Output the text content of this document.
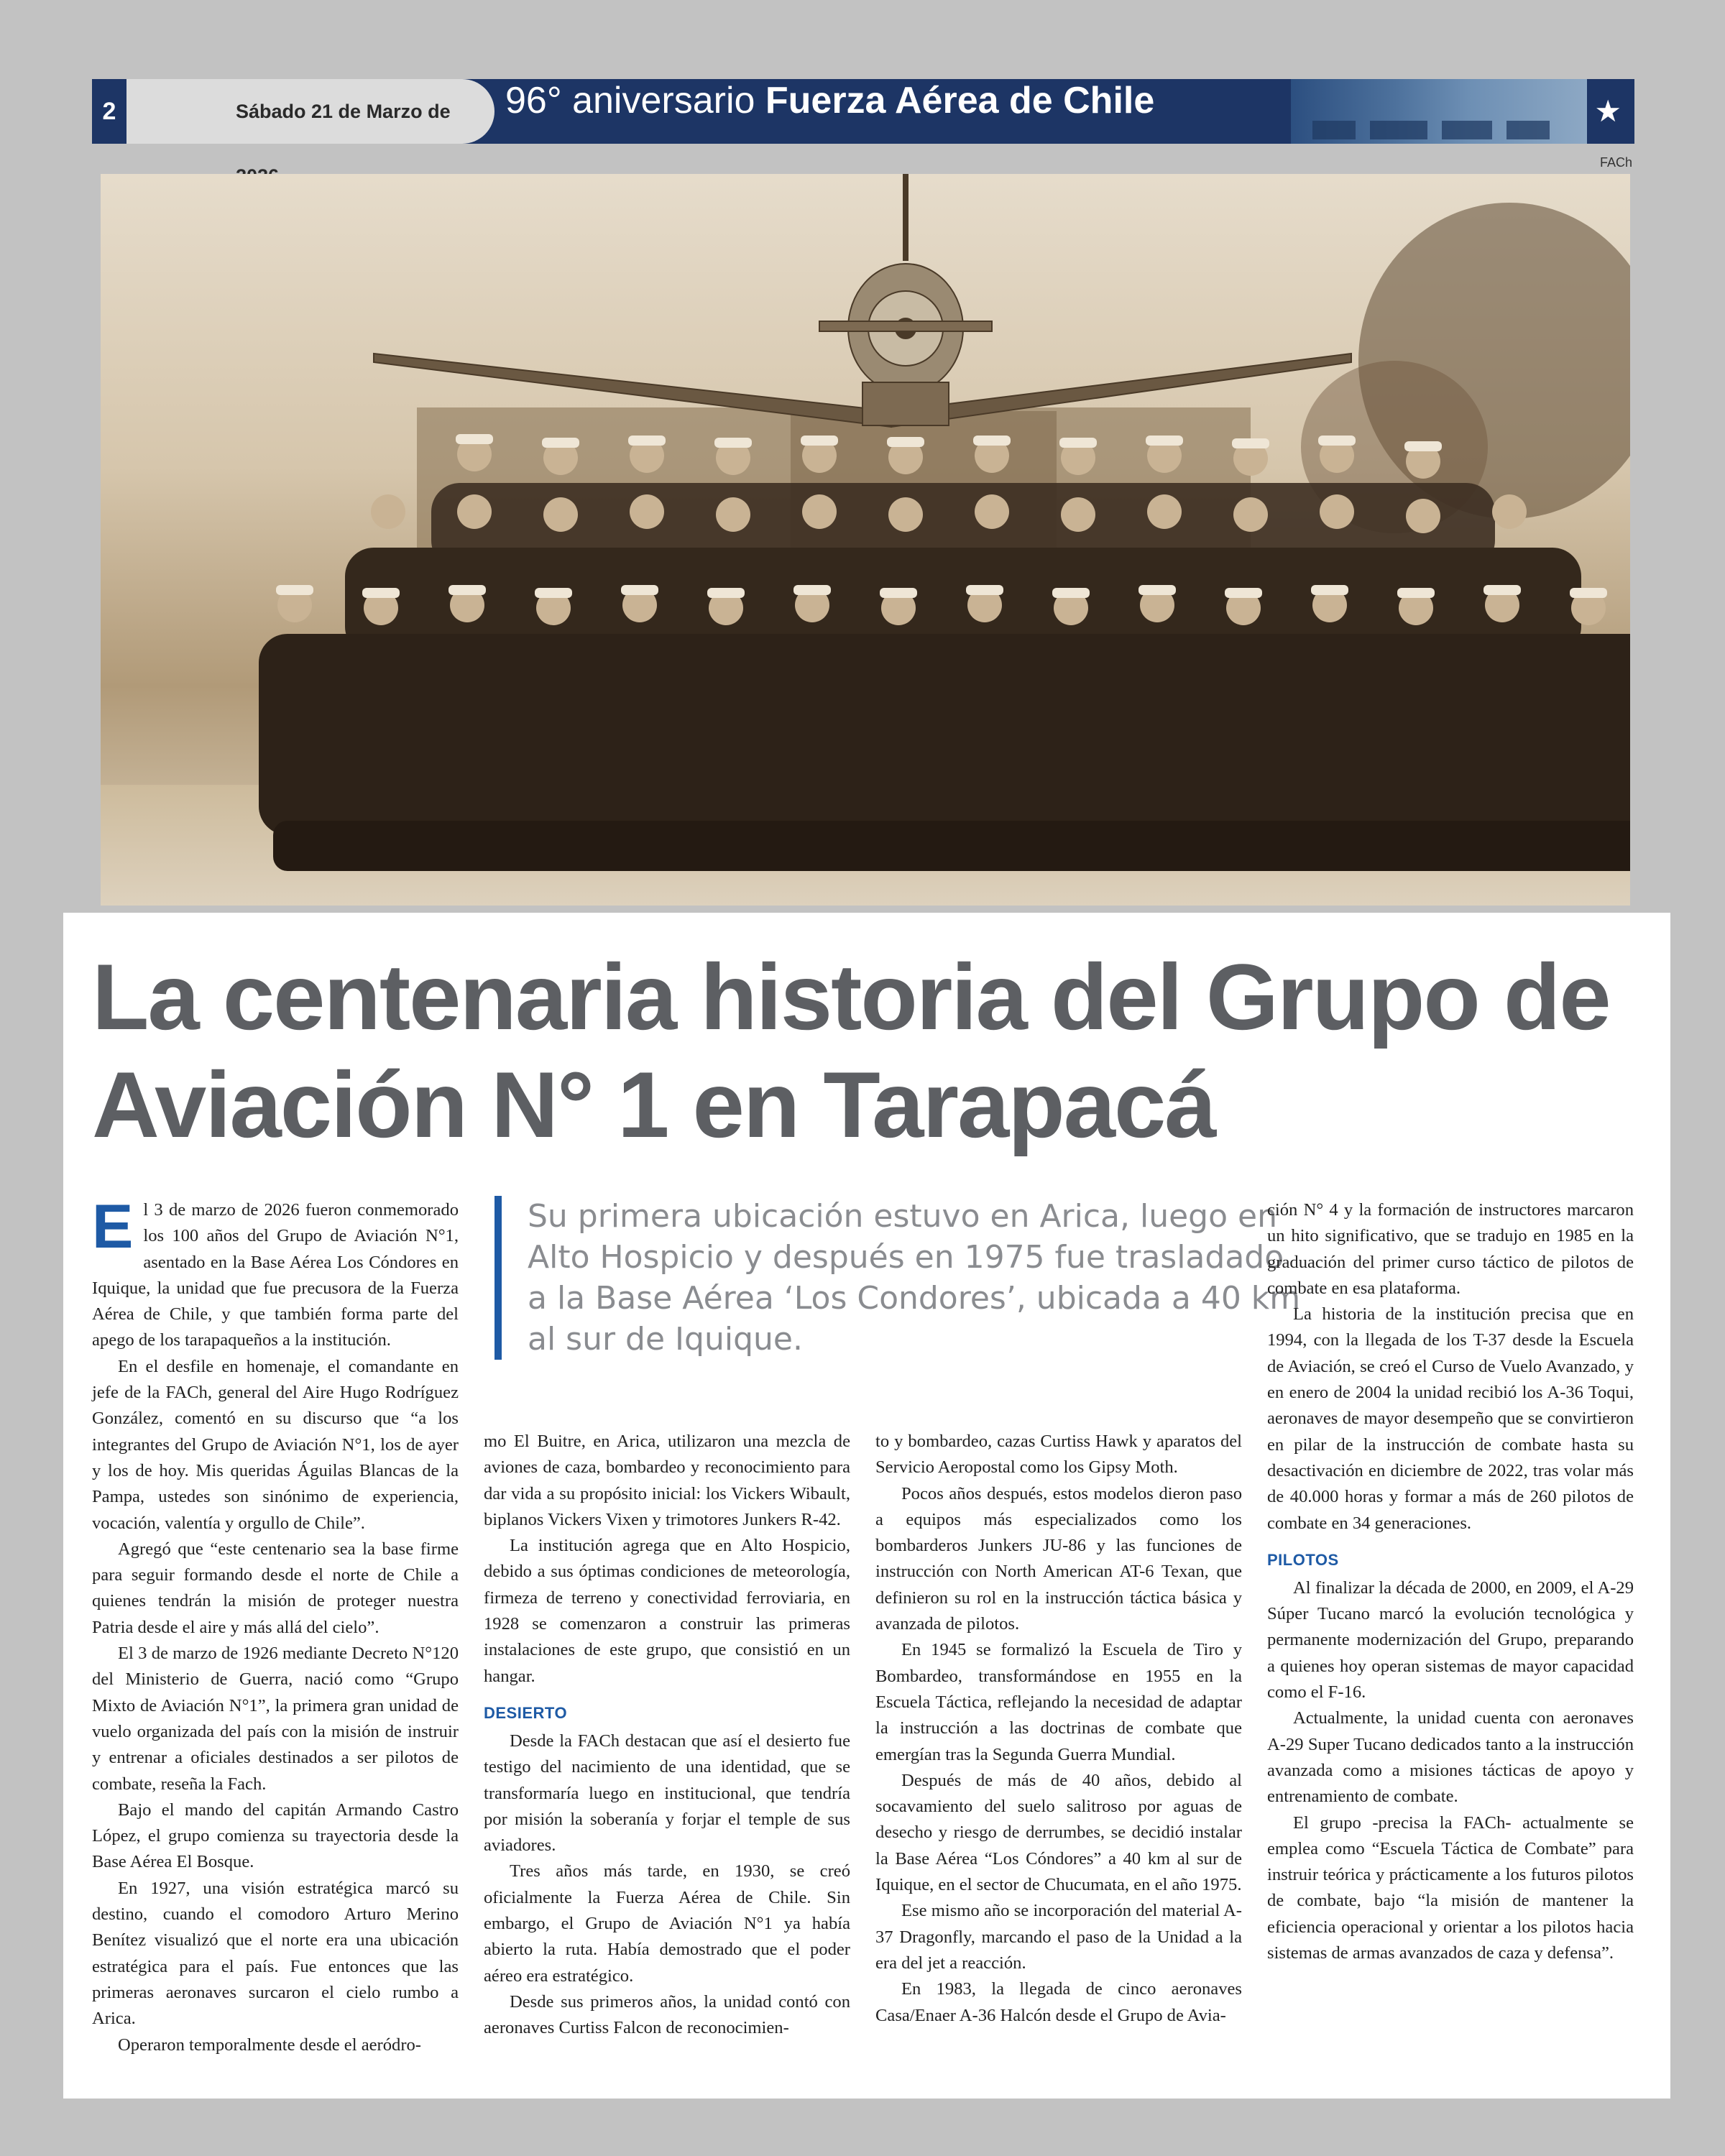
2	Sábado 21 de Marzo de	96° aniversario Fuerza Aérea de Chile	★
FACh
La centenaria historia del Grupo de Aviación N° 1 en Tarapacá
Su primera ubicación estuvo en Arica, luego en Alto Hospicio y después en 1975 fue trasladado a la Base Aérea ‘Los Condores’, ubicada a 40 km al sur de Iquique.

El 3 de marzo de 2026 fueron conmemorado los 100 años del Grupo de Aviación N°1, asentado en la Base Aérea Los Cóndores en Iquique, la unidad que fue precusora de la Fuerza Aérea de Chile, y que también forma parte del apego de los tarapaqueños a la institución.

En el desfile en homenaje, el comandante en jefe de la FACh, general del Aire Hugo Rodríguez González, comentó en su discurso que “a los integrantes del Grupo de Aviación N°1, los de ayer y los de hoy. Mis queridas Águilas Blancas de la Pampa, ustedes son sinónimo de experiencia, vocación, valentía y orgullo de Chile”.

Agregó que “este centenario sea la base firme para seguir formando desde el norte de Chile a quienes tendrán la misión de proteger nuestra Patria desde el aire y más allá del cielo”.

El 3 de marzo de 1926 mediante Decreto N°120 del Ministerio de Guerra, nació como “Grupo Mixto de Aviación N°1”, la primera gran unidad de vuelo organizada del país con la misión de instruir y entrenar a oficiales destinados a ser pilotos de combate, reseña la Fach.

Bajo el mando del capitán Armando Castro López, el grupo comienza su trayectoria desde la Base Aérea El Bosque.

En 1927, una visión estratégica marcó su destino, cuando el comodoro Arturo Merino Benítez visualizó que el norte era una ubicación estratégica para el país. Fue entonces que las primeras aeronaves surcaron el cielo rumbo a Arica.

Operaron temporalmente desde el aeródro-

mo El Buitre, en Arica, utilizaron una mezcla de aviones de caza, bombardeo y reconocimiento para dar vida a su propósito inicial: los Vickers Wibault, biplanos Vickers Vixen y trimotores Junkers R-42.

La institución agrega que en Alto Hospicio, debido a sus óptimas condiciones de meteorología, firmeza de terreno y conectividad ferroviaria, en 1928 se comenzaron a construir las primeras instalaciones de este grupo, que consistió en un hangar.

DESIERTO

Desde la FACh destacan que así el desierto fue testigo del nacimiento de una identidad, que se transformaría luego en institucional, que tendría por misión la soberanía y forjar el temple de sus aviadores.

Tres años más tarde, en 1930, se creó oficialmente la Fuerza Aérea de Chile. Sin embargo, el Grupo de Aviación N°1 ya había abierto la ruta. Había demostrado que el poder aéreo era estratégico.

Desde sus primeros años, la unidad contó con aeronaves Curtiss Falcon de reconocimien-

to y bombardeo, cazas Curtiss Hawk y aparatos del Servicio Aeropostal como los Gipsy Moth.

Pocos años después, estos modelos dieron paso a equipos más especializados como los bombarderos Junkers JU-86 y las funciones de instrucción con North American AT-6 Texan, que definieron su rol en la instrucción táctica básica y avanzada de pilotos.

En 1945 se formalizó la Escuela de Tiro y Bombardeo, transformándose en 1955 en la Escuela Táctica, reflejando la necesidad de adaptar la instrucción a las doctrinas de combate que emergían tras la Segunda Guerra Mundial.

Después de más de 40 años, debido al socavamiento del suelo salitroso por aguas de desecho y riesgo de derrumbes, se decidió instalar la Base Aérea “Los Cóndores” a 40 km al sur de Iquique, en el sector de Chucumata, en el año 1975.

Ese mismo año se incorporación del material A-37 Dragonfly, marcando el paso de la Unidad a la era del jet a reacción.

En 1983, la llegada de cinco aeronaves Casa/Enaer A-36 Halcón desde el Grupo de Avia-

ción N° 4 y la formación de instructores marcaron un hito significativo, que se tradujo en 1985 en la graduación del primer curso táctico de pilotos de combate en esa plataforma.

La historia de la institución precisa que en 1994, con la llegada de los T-37 desde la Escuela de Aviación, se creó el Curso de Vuelo Avanzado, y en enero de 2004 la unidad recibió los A-36 Toqui, aeronaves de mayor desempeño que se convirtieron en pilar de la instrucción de combate hasta su desactivación en diciembre de 2022, tras volar más de 40.000 horas y formar a más de 260 pilotos de combate en 34 generaciones.

PILOTOS

Al finalizar la década de 2000, en 2009, el A-29 Súper Tucano marcó la evolución tecnológica y permanente modernización del Grupo, preparando a quienes hoy operan sistemas de mayor capacidad como el F-16.

Actualmente, la unidad cuenta con aeronaves A-29 Super Tucano dedicados tanto a la instrucción avanzada como a misiones tácticas de apoyo y entrenamiento de combate.

El grupo -precisa la FACh- actualmente se emplea como “Escuela Táctica de Combate” para instruir teórica y prácticamente a los futuros pilotos de combate, bajo “la misión de mantener la eficiencia operacional y orientar a los pilotos hacia sistemas de armas avanzados de caza y defensa”.
